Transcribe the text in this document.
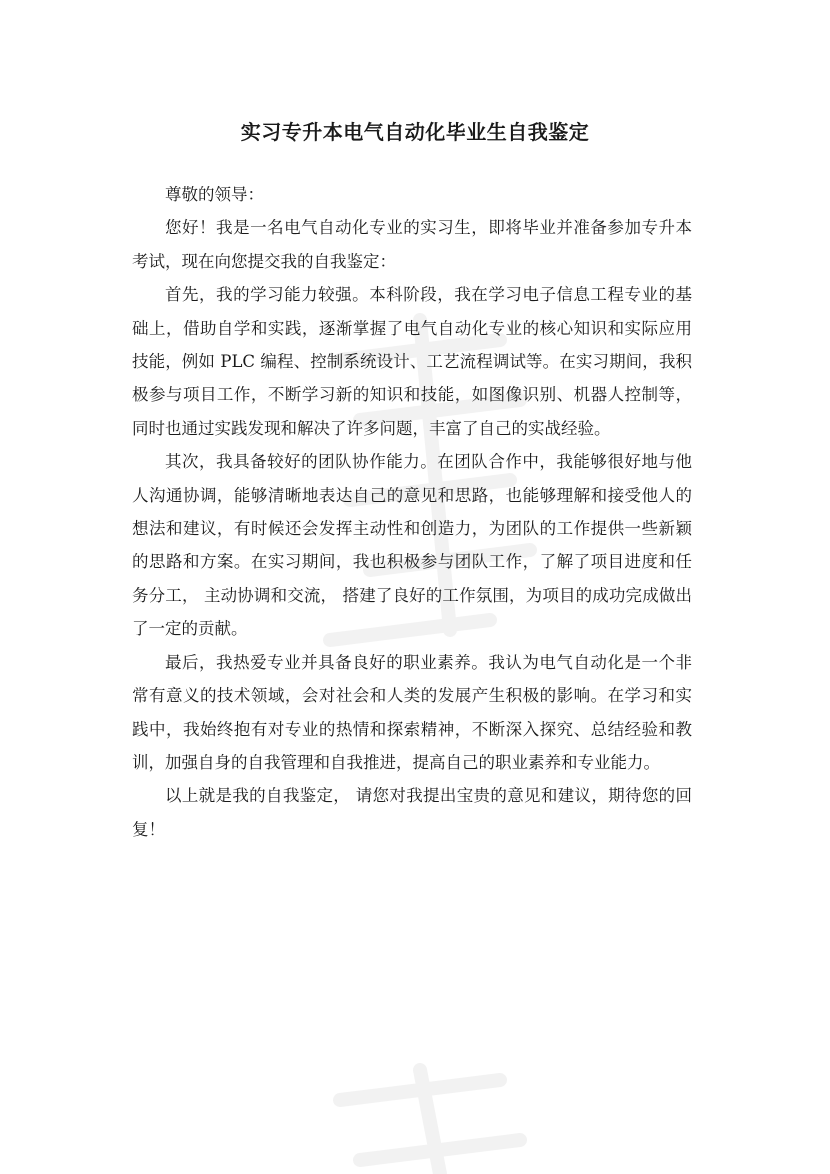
实习专升本电气自动化毕业生自我鉴定

尊敬的领导：

您好！我是一名电气自动化专业的实习生，即将毕业并准备参加专升本考试，现在向您提交我的自我鉴定：

首先，我的学习能力较强。本科阶段，我在学习电子信息工程专业的基础上，借助自学和实践，逐渐掌握了电气自动化专业的核心知识和实际应用技能，例如 PLC 编程、控制系统设计、工艺流程调试等。在实习期间，我积极参与项目工作，不断学习新的知识和技能，如图像识别、机器人控制等，同时也通过实践发现和解决了许多问题，丰富了自己的实战经验。

其次，我具备较好的团队协作能力。在团队合作中，我能够很好地与他人沟通协调，能够清晰地表达自己的意见和思路，也能够理解和接受他人的想法和建议，有时候还会发挥主动性和创造力，为团队的工作提供一些新颖的思路和方案。在实习期间，我也积极参与团队工作，了解了项目进度和任务分工， 主动协调和交流， 搭建了良好的工作氛围，为项目的成功完成做出了一定的贡献。

最后，我热爱专业并具备良好的职业素养。我认为电气自动化是一个非常有意义的技术领域，会对社会和人类的发展产生积极的影响。在学习和实践中，我始终抱有对专业的热情和探索精神，不断深入探究、总结经验和教训，加强自身的自我管理和自我推进，提高自己的职业素养和专业能力。

以上就是我的自我鉴定， 请您对我提出宝贵的意见和建议，期待您的回复！
